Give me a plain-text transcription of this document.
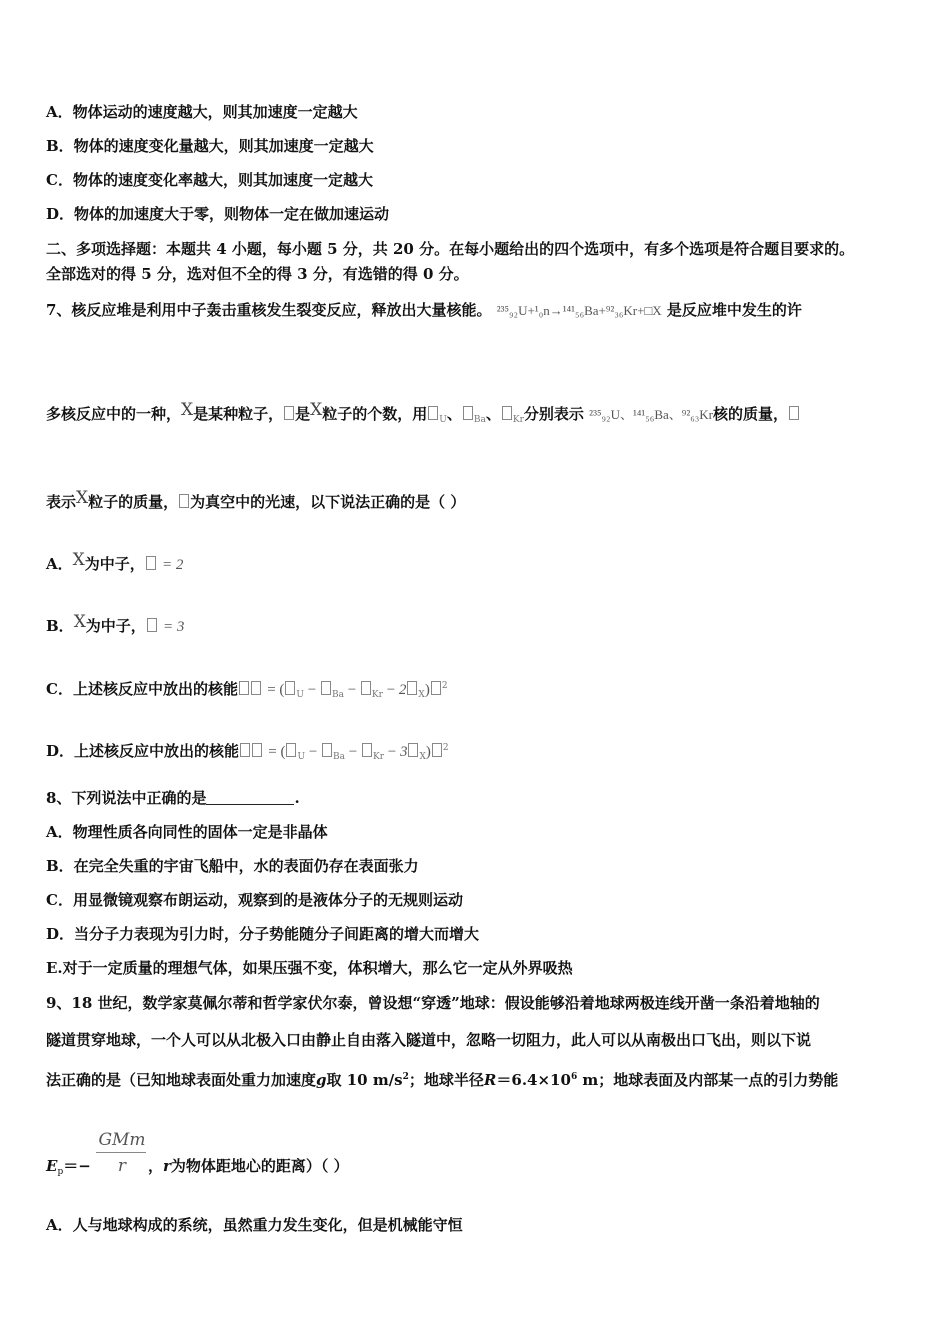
A．物体运动的速度越大，则其加速度一定越大
B．物体的速度变化量越大，则其加速度一定越大
C．物体的速度变化率越大，则其加速度一定越大
D．物体的加速度大于零，则物体一定在做加速运动
二、多项选择题：本题共 4 小题，每小题 5 分，共 20 分。在每小题给出的四个选项中，有多个选项是符合题目要求的。
全部选对的得 5 分，选对但不全的得 3 分，有选错的得 0 分。
7、核反应堆是利用中子轰击重核发生裂变反应，释放出大量核能。 ²³⁵₉₂U+¹₀n→¹⁴¹₅₆Ba+⁹²₃₆Kr+□X 是反应堆中发生的许
多核反应中的一种，X是某种粒子， 是X粒子的个数，用 $_U$、 $_{Ba}$、 $_{Kr}$分别表示 ²³⁵₉₂U、¹⁴¹₅₆Ba、⁹²₆₃Kr核的质量，
表示X粒子的质量， 为真空中的光速，以下说法正确的是（ ）
A．X为中子， = 2
B．X为中子， = 3
C．上述核反应中放出的核能 = ( $_U$ − $_{Ba}$ − $_{Kr}$ − 2 $_X$) $^2$
D．上述核反应中放出的核能 = ( $_U$ − $_{Ba}$ − $_{Kr}$ − 3 $_X$) $^2$
8、下列说法中正确的是	.
A．物理性质各向同性的固体一定是非晶体
B．在完全失重的宇宙飞船中，水的表面仍存在表面张力
C．用显微镜观察布朗运动，观察到的是液体分子的无规则运动
D．当分子力表现为引力时，分子势能随分子间距离的增大而增大
E.对于一定质量的理想气体，如果压强不变，体积增大，那么它一定从外界吸热
9、18 世纪，数学家莫佩尔蒂和哲学家伏尔泰，曾设想“穿透”地球：假设能够沿着地球两极连线开凿一条沿着地轴的
隧道贯穿地球，一个人可以从北极入口由静止自由落入隧道中，忽略一切阻力，此人可以从南极出口飞出，则以下说
法正确的是（已知地球表面处重力加速度g取 10 $m/s^2$；地球半径$R=6.4\times 10^6$ m；地球表面及内部某一点的引力势能
GMm
r
$E_p=-$	，r为物体距地心的距离）（ ）
A．人与地球构成的系统，虽然重力发生变化，但是机械能守恒
